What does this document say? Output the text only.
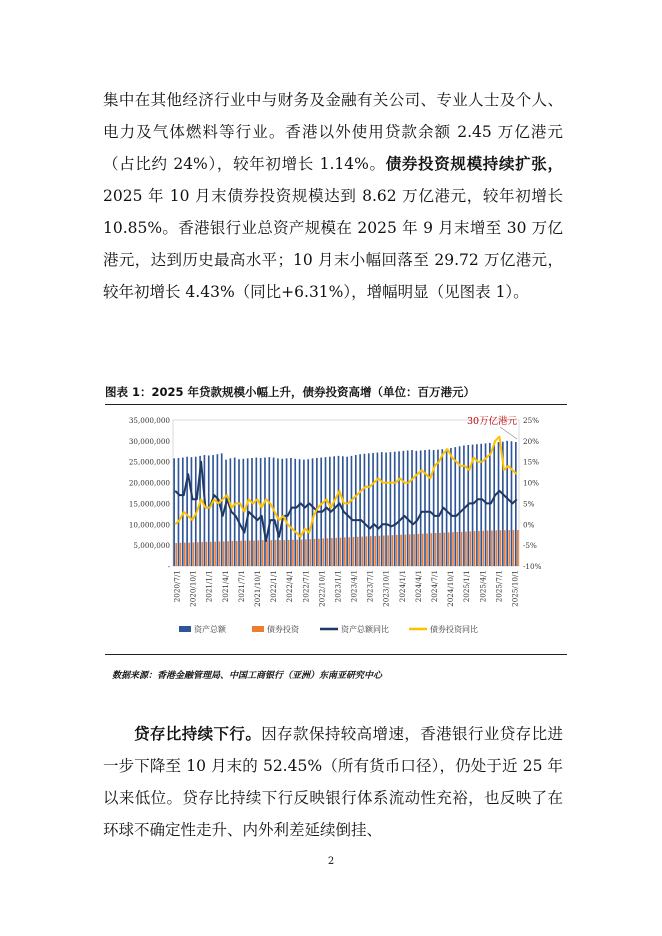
集中在其他经济行业中与财务及金融有关公司、专业人士及个人、电力及气体燃料等行业。香港以外使用贷款余额 2.45 万亿港元（占比约 24%），较年初增长 1.14%。债券投资规模持续扩张，2025 年 10 月末债券投资规模达到 8.62 万亿港元，较年初增长 10.85%。香港银行业总资产规模在 2025 年 9 月末增至 30 万亿港元，达到历史最高水平；10 月末小幅回落至 29.72 万亿港元，较年初增长 4.43%（同比+6.31%），增幅明显（见图表 1）。

图表 1：2025 年贷款规模小幅上升，债券投资高增（单位：百万港元）
35,000,000
30,000,000
25,000,000
20,000,000
15,000,000
10,000,000
5,000,000
-
25%
20%
15%
10%
5%
0%
-5%
-10%
2020/7/1 2020/10/1 2021/1/1 2021/4/1 2021/7/1 2021/10/1 2022/1/1 2022/4/1 2022/7/1 2022/10/1 2023/1/1 2023/4/1 2023/7/1 2023/10/1 2024/1/1 2024/4/1 2024/7/1 2024/10/1 2025/1/1 2025/4/1 2025/7/1 2025/10/1
30万亿港元
资产总额	债券投资	资产总额同比	债券投资同比
数据来源：香港金融管理局、中国工商银行（亚洲）东南亚研究中心

贷存比持续下行。因存款保持较高增速，香港银行业贷存比进一步下降至 10 月末的 52.45%（所有货币口径），仍处于近 25 年以来低位。贷存比持续下行反映银行体系流动性充裕，也反映了在环球不确定性走升、内外利差延续倒挂、

2
